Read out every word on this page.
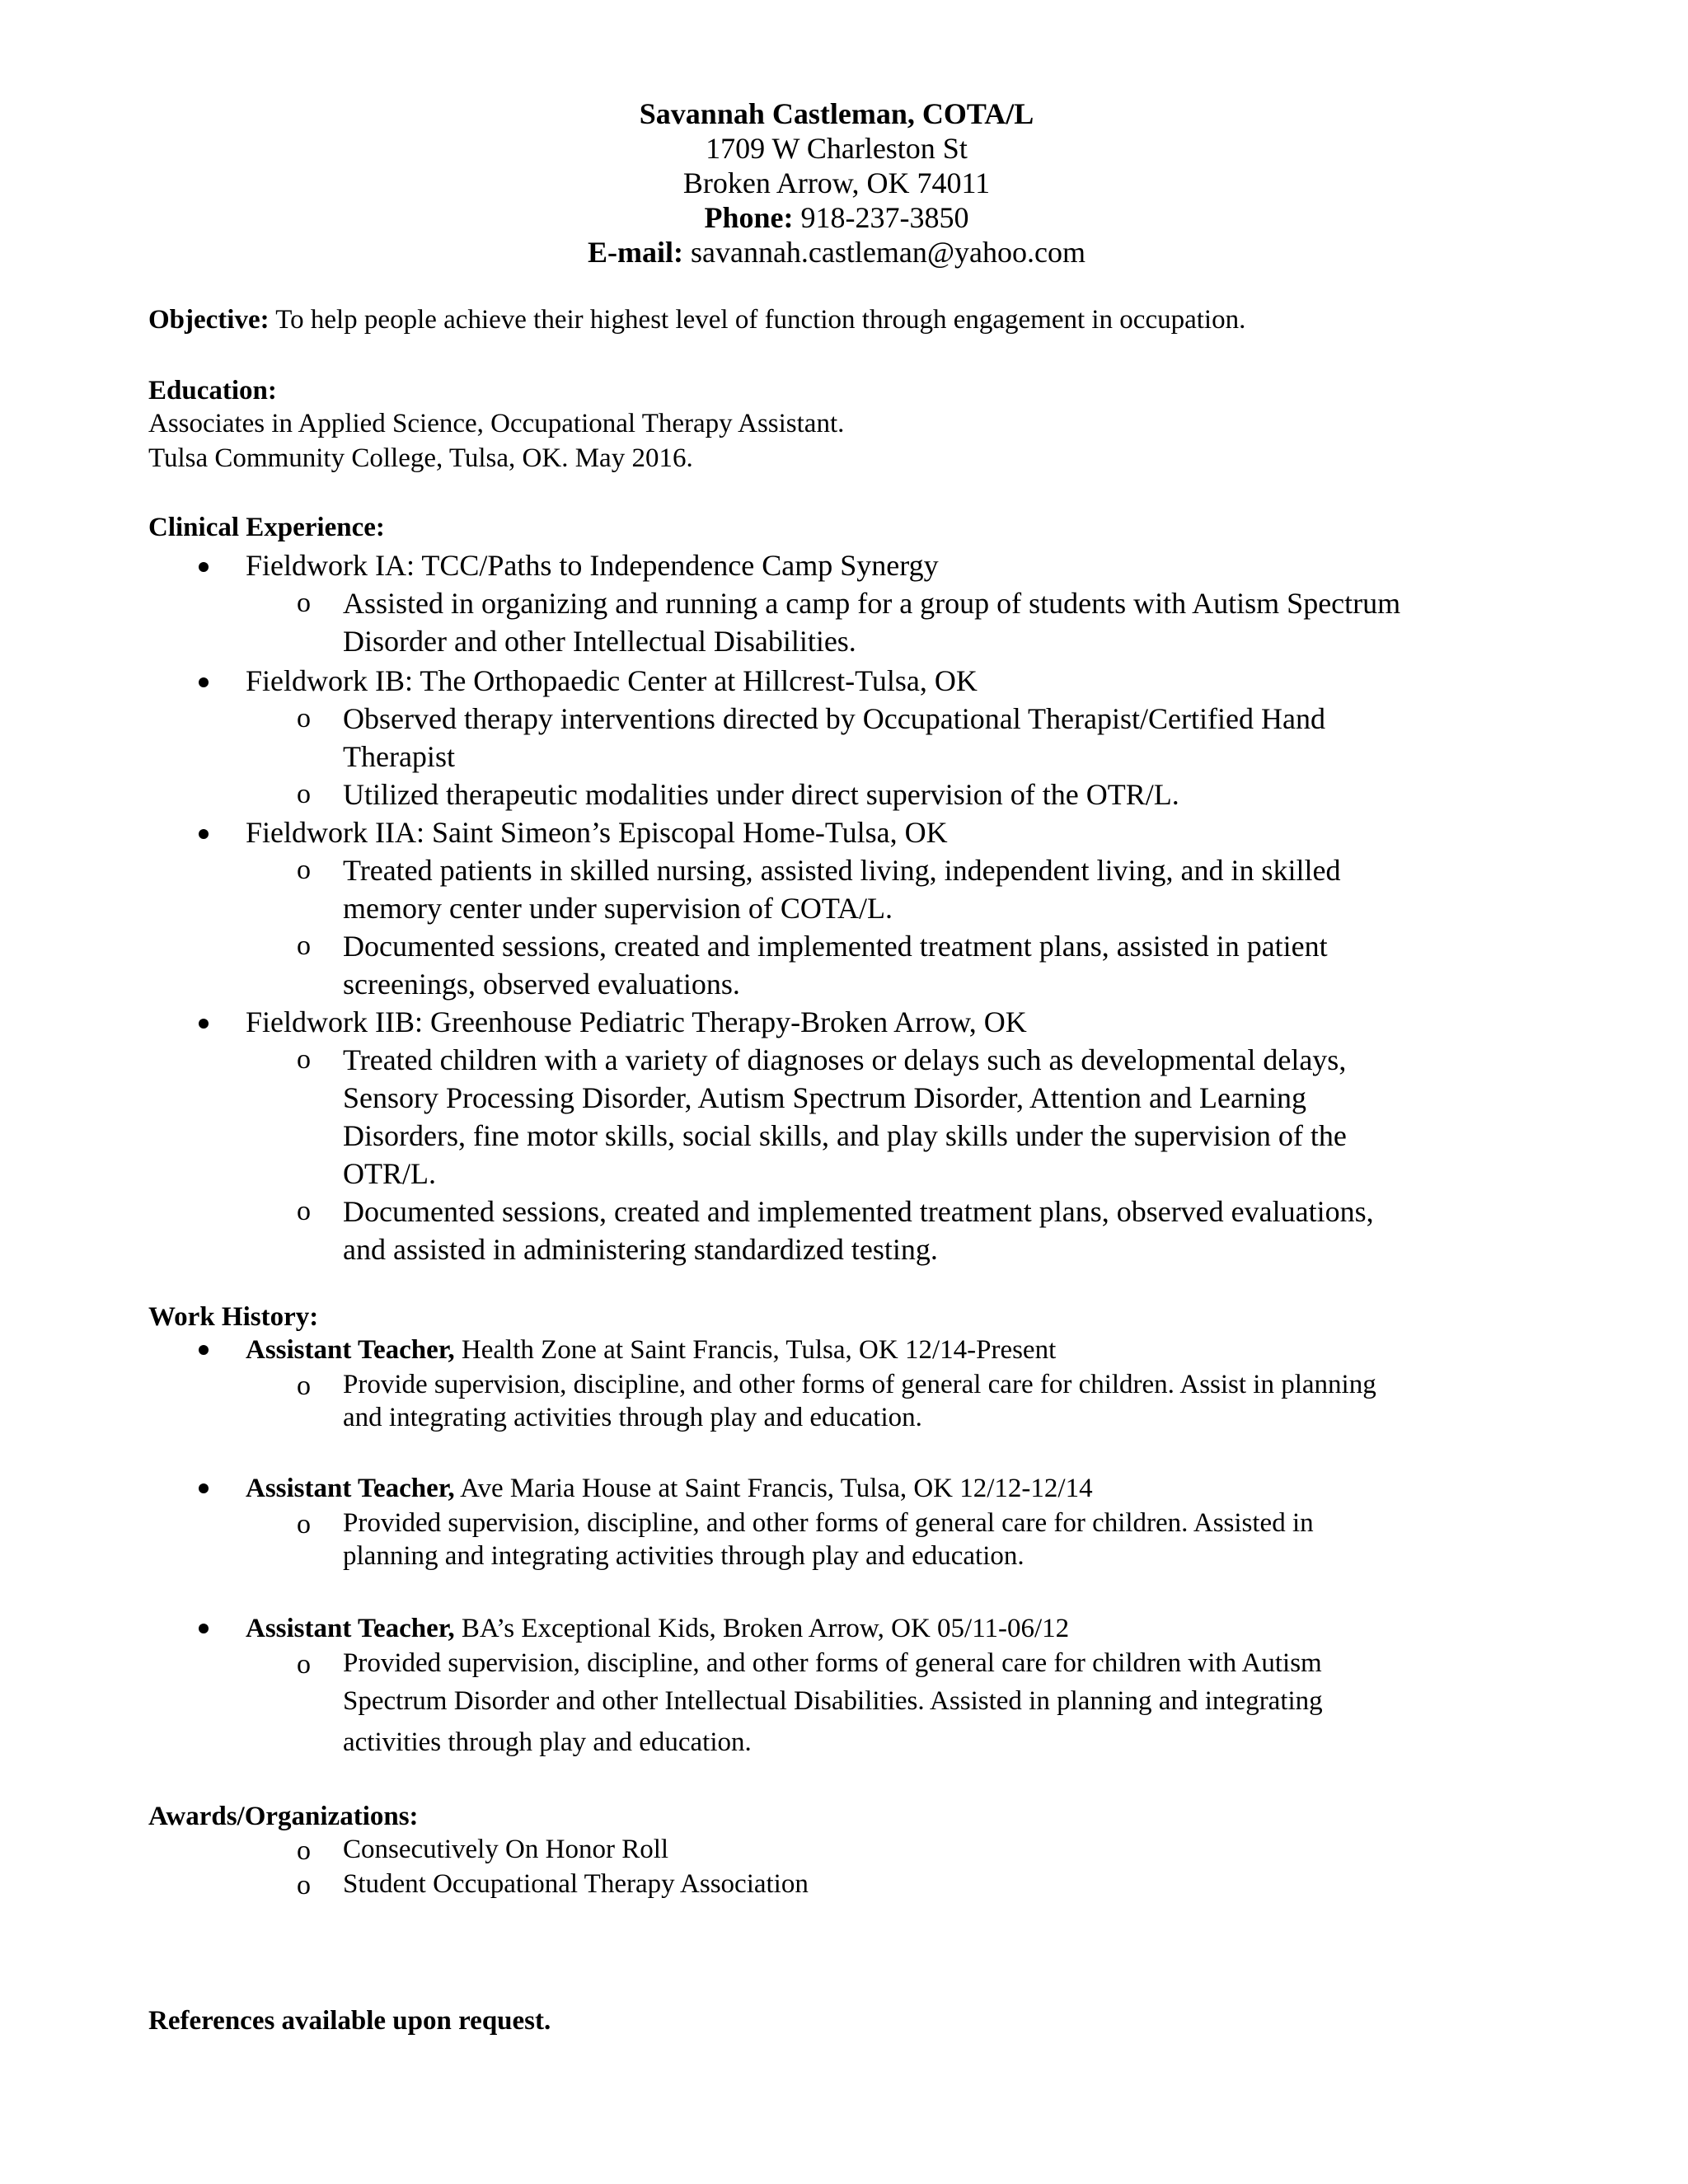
Savannah Castleman, COTA/L
1709 W Charleston St
Broken Arrow, OK 74011
Phone: 918-237-3850
E-mail: savannah.castleman@yahoo.com
Objective: To help people achieve their highest level of function through engagement in occupation.
Education:
Associates in Applied Science, Occupational Therapy Assistant.
Tulsa Community College, Tulsa, OK. May 2016.
Clinical Experience:
Fieldwork IA: TCC/Paths to Independence Camp Synergy
o Assisted in organizing and running a camp for a group of students with Autism Spectrum
Disorder and other Intellectual Disabilities.
Fieldwork IB: The Orthopaedic Center at Hillcrest-Tulsa, OK
o Observed therapy interventions directed by Occupational Therapist/Certified Hand
Therapist
o Utilized therapeutic modalities under direct supervision of the OTR/L.
Fieldwork IIA: Saint Simeon’s Episcopal Home-Tulsa, OK
o Treated patients in skilled nursing, assisted living, independent living, and in skilled
memory center under supervision of COTA/L.
o Documented sessions, created and implemented treatment plans, assisted in patient
screenings, observed evaluations.
Fieldwork IIB: Greenhouse Pediatric Therapy-Broken Arrow, OK
o Treated children with a variety of diagnoses or delays such as developmental delays,
Sensory Processing Disorder, Autism Spectrum Disorder, Attention and Learning
Disorders, fine motor skills, social skills, and play skills under the supervision of the
OTR/L.
o Documented sessions, created and implemented treatment plans, observed evaluations,
and assisted in administering standardized testing.
Work History:
Assistant Teacher, Health Zone at Saint Francis, Tulsa, OK 12/14-Present
o Provide supervision, discipline, and other forms of general care for children. Assist in planning
and integrating activities through play and education.
Assistant Teacher, Ave Maria House at Saint Francis, Tulsa, OK 12/12-12/14
o Provided supervision, discipline, and other forms of general care for children. Assisted in
planning and integrating activities through play and education.
Assistant Teacher, BA’s Exceptional Kids, Broken Arrow, OK 05/11-06/12
o Provided supervision, discipline, and other forms of general care for children with Autism
Spectrum Disorder and other Intellectual Disabilities. Assisted in planning and integrating
activities through play and education.
Awards/Organizations:
o Consecutively On Honor Roll
o Student Occupational Therapy Association
References available upon request.
